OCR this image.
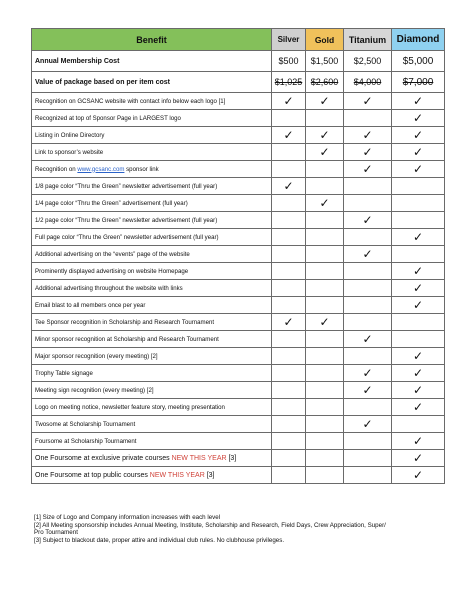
Benefit	Silver	Gold	Titanium	Diamond
Annual Membership Cost	$500	$1,500	$2,500	$5,000
Value of package based on per item cost	$1,025	$2,600	$4,000	$7,000
Recognition on GCSANC website with contact info below each logo [1]	✓	✓	✓	✓
Recognized at top of Sponsor Page in LARGEST logo				✓
Listing in Online Directory	✓	✓	✓	✓
Link to sponsor’s website		✓	✓	✓
Recognition on www.gcsanc.com sponsor link			✓	✓
1/8 page color “Thru the Green” newsletter advertisement (full year)	✓			
1/4 page color “Thru the Green” advertisement (full year)		✓		
1/2 page color “Thru the Green” newsletter advertisement (full year)			✓	
Full page color “Thru the Green” newsletter advertisement (full year)				✓
Additional advertising on the “events” page of the website			✓	
Prominently displayed advertising on website Homepage				✓
Additional advertising throughout the website with links				✓
Email blast to all members once per year				✓
Tee Sponsor recognition in Scholarship and Research Tournament	✓	✓		
Minor sponsor recognition at Scholarship and Research Tournament			✓	
Major sponsor recognition (every meeting) [2]				✓
Trophy Table signage			✓	✓
Meeting sign recognition (every meeting) [2]			✓	✓
Logo on meeting notice, newsletter feature story, meeting presentation				✓
Twosome at Scholarship Tournament			✓	
Foursome at Scholarship Tournament				✓
One Foursome at exclusive private courses NEW THIS YEAR [3]				✓
One Foursome at top public courses NEW THIS YEAR [3]				✓
[1] Size of Logo and Company information increases with each level
[2] All Meeting sponsorship includes Annual Meeting, Institute, Scholarship and Research, Field Days, Crew Appreciation, Super/
Pro Tournament
[3] Subject to blackout date, proper attire and individual club rules. No clubhouse privileges.
